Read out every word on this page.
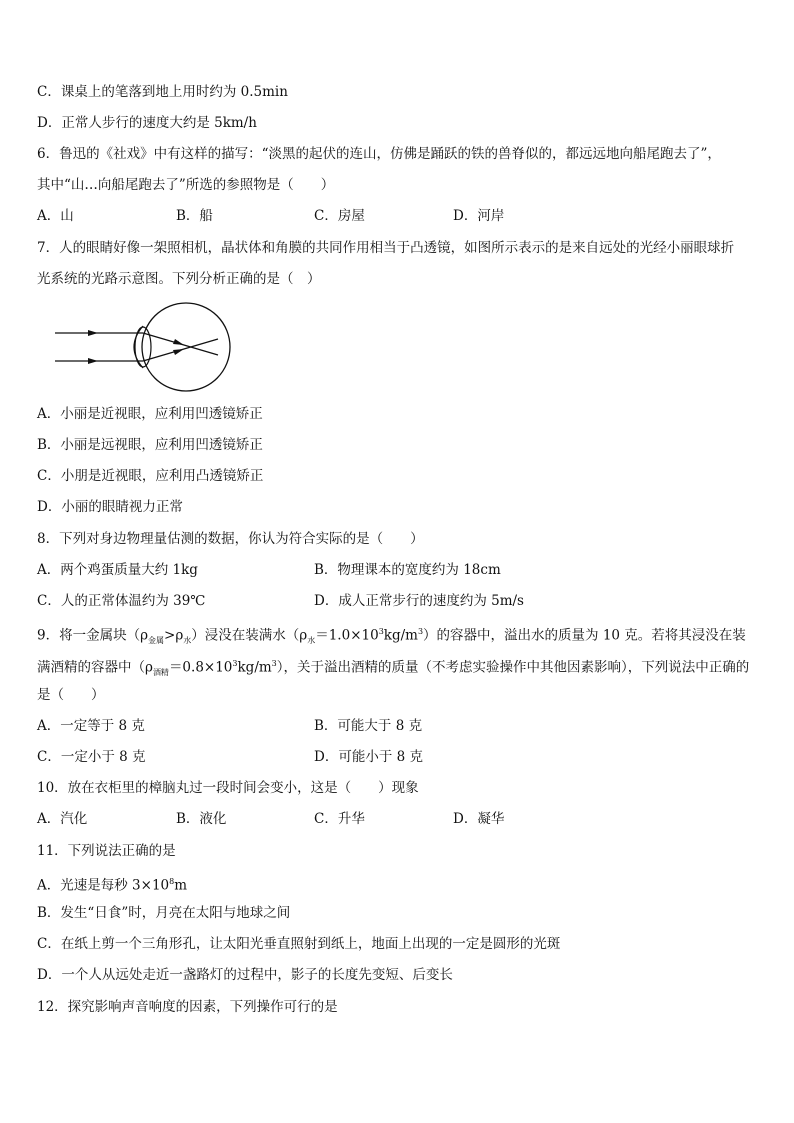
C．课桌上的笔落到地上用时约为 0.5min
D．正常人步行的速度大约是 5km/h
6．鲁迅的《社戏》中有这样的描写：“淡黑的起伏的连山，仿佛是踊跃的铁的兽脊似的，都远远地向船尾跑去了”，
其中“山…向船尾跑去了”所选的参照物是（　　）
A．山	B．船	C．房屋	D．河岸
7．人的眼睛好像一架照相机，晶状体和角膜的共同作用相当于凸透镜，如图所示表示的是来自远处的光经小丽眼球折
光系统的光路示意图。下列分析正确的是（　）
A．小丽是近视眼，应利用凹透镜矫正
B．小丽是远视眼，应利用凹透镜矫正
C．小朋是近视眼，应利用凸透镜矫正
D．小丽的眼睛视力正常
8．下列对身边物理量估测的数据，你认为符合实际的是（　　）
A．两个鸡蛋质量大约 1kg	B．物理课本的宽度约为 18cm
C．人的正常体温约为 39℃	D．成人正常步行的速度约为 5m/s
9．将一金属块$(\rho_{金属}>\rho_水)$浸没在装满水$(\rho_水=1.0\times 10^3kg/m^3)$的容器中，溢出水的质量为 10 克。若将其浸没在装
满酒精的容器中$(\rho_{酒精}=0.8\times 10^3kg/m^3)$，关于溢出酒精的质量（不考虑实验操作中其他因素影响），下列说法中正确的
是（　　）
A．一定等于 8 克	B．可能大于 8 克
C．一定小于 8 克	D．可能小于 8 克
10．放在衣柜里的樟脑丸过一段时间会变小，这是（　　）现象
A．汽化	B．液化	C．升华	D．凝华
11．下列说法正确的是
A．光速是每秒 $3\times 10^8m$
B．发生“日食”时，月亮在太阳与地球之间
C．在纸上剪一个三角形孔，让太阳光垂直照射到纸上，地面上出现的一定是圆形的光斑
D．一个人从远处走近一盏路灯的过程中，影子的长度先变短、后变长
12．探究影响声音响度的因素，下列操作可行的是
